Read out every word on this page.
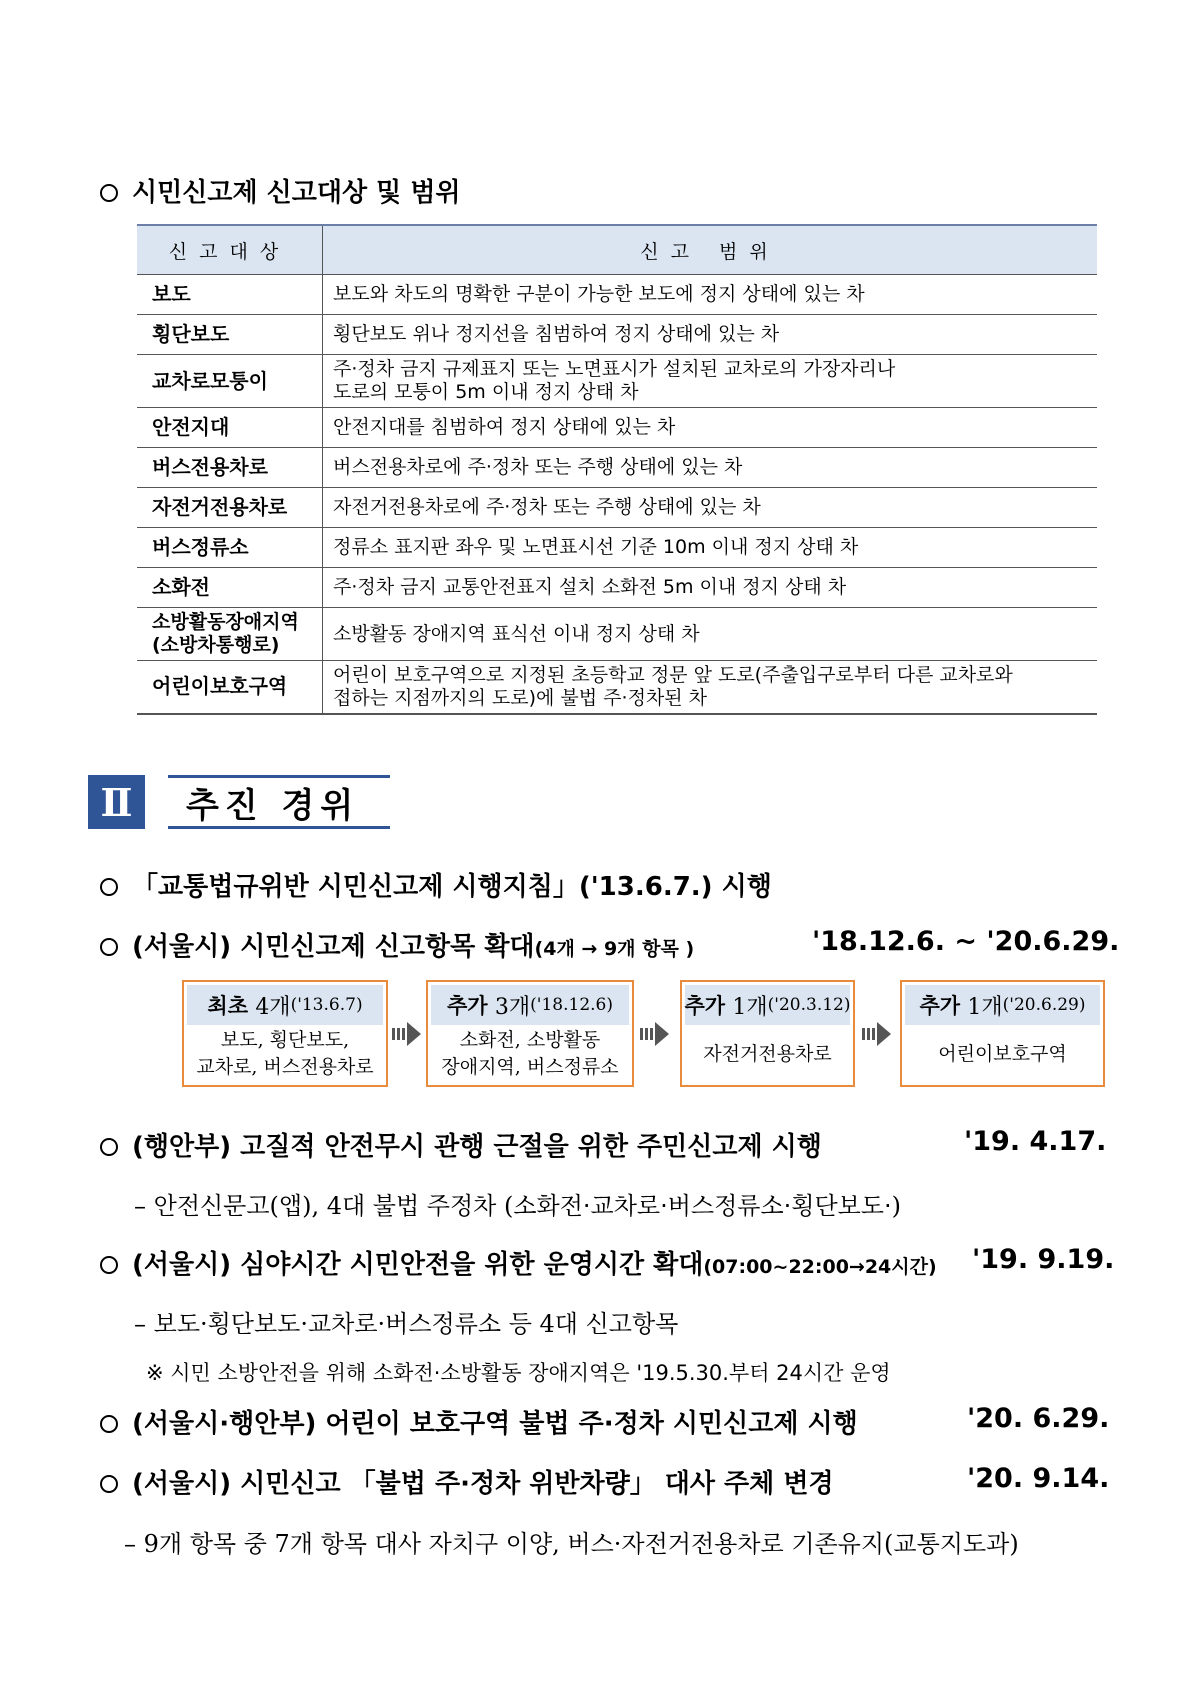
시민신고제 신고대상 및 범위
신고대상	신고 범위
보도	보도와 차도의 명확한 구분이 가능한 보도에 정지 상태에 있는 차
횡단보도	횡단보도 위나 정지선을 침범하여 정지 상태에 있는 차
교차로모퉁이	주·정차 금지 규제표지 또는 노면표시가 설치된 교차로의 가장자리나
도로의 모퉁이 5m 이내 정지 상태 차

안전지대	안전지대를 침범하여 정지 상태에 있는 차
버스전용차로	버스전용차로에 주·정차 또는 주행 상태에 있는 차
자전거전용차로	자전거전용차로에 주·정차 또는 주행 상태에 있는 차
버스정류소	정류소 표지판 좌우 및 노면표시선 기준 10m 이내 정지 상태 차
소화전	주·정차 금지 교통안전표지 설치 소화전 5m 이내 정지 상태 차

소방활동장애지역
(소방차통행로)	소방활동 장애지역 표식선 이내 정지 상태 차
어린이보호구역	어린이 보호구역으로 지정된 초등학교 정문 앞 도로(주출입구로부터 다른 교차로와
접하는 지점까지의 도로)에 불법 주·정차된 차
Ⅱ	추진 경위
「교통법규위반 시민신고제 시행지침」('13.6.7.) 시행
(서울시) 시민신고제 신고항목 확대 (4개 → 9개 항목 )	'18.12.6. ~ '20.6.29.
최초
4개 ('13.6.7)
보도, 횡단보도,
교차로, 버스전용차로
추가
3개 ('18.12.6)
소화전, 소방활동
장애지역, 버스정류소
추가
1개 ('20.3.12)
자전거전용차로
추가
1개 ('20.6.29)
어린이보호구역
(행안부) 고질적 안전무시 관행 근절을 위한 주민신고제 시행	'19. 4.17.
– 안전신문고(앱), 4대 불법 주정차 (소화전·교차로·버스정류소·횡단보도·)
(서울시) 심야시간 시민안전을 위한 운영시간 확대 (07:00~22:00→24시간) '19. 9.19.
– 보도·횡단보도·교차로·버스정류소 등 4대 신고항목
※ 시민 소방안전을 위해 소화전·소방활동 장애지역은 '19.5.30.부터 24시간 운영
(서울시·행안부) 어린이 보호구역 불법 주·정차 시민신고제 시행	'20. 6.29.
(서울시) 시민신고 「불법 주·정차 위반차량」 대사 주체 변경	'20. 9.14.
– 9개 항목 중 7개 항목 대사 자치구 이양, 버스·자전거전용차로 기존유지(교통지도과)
